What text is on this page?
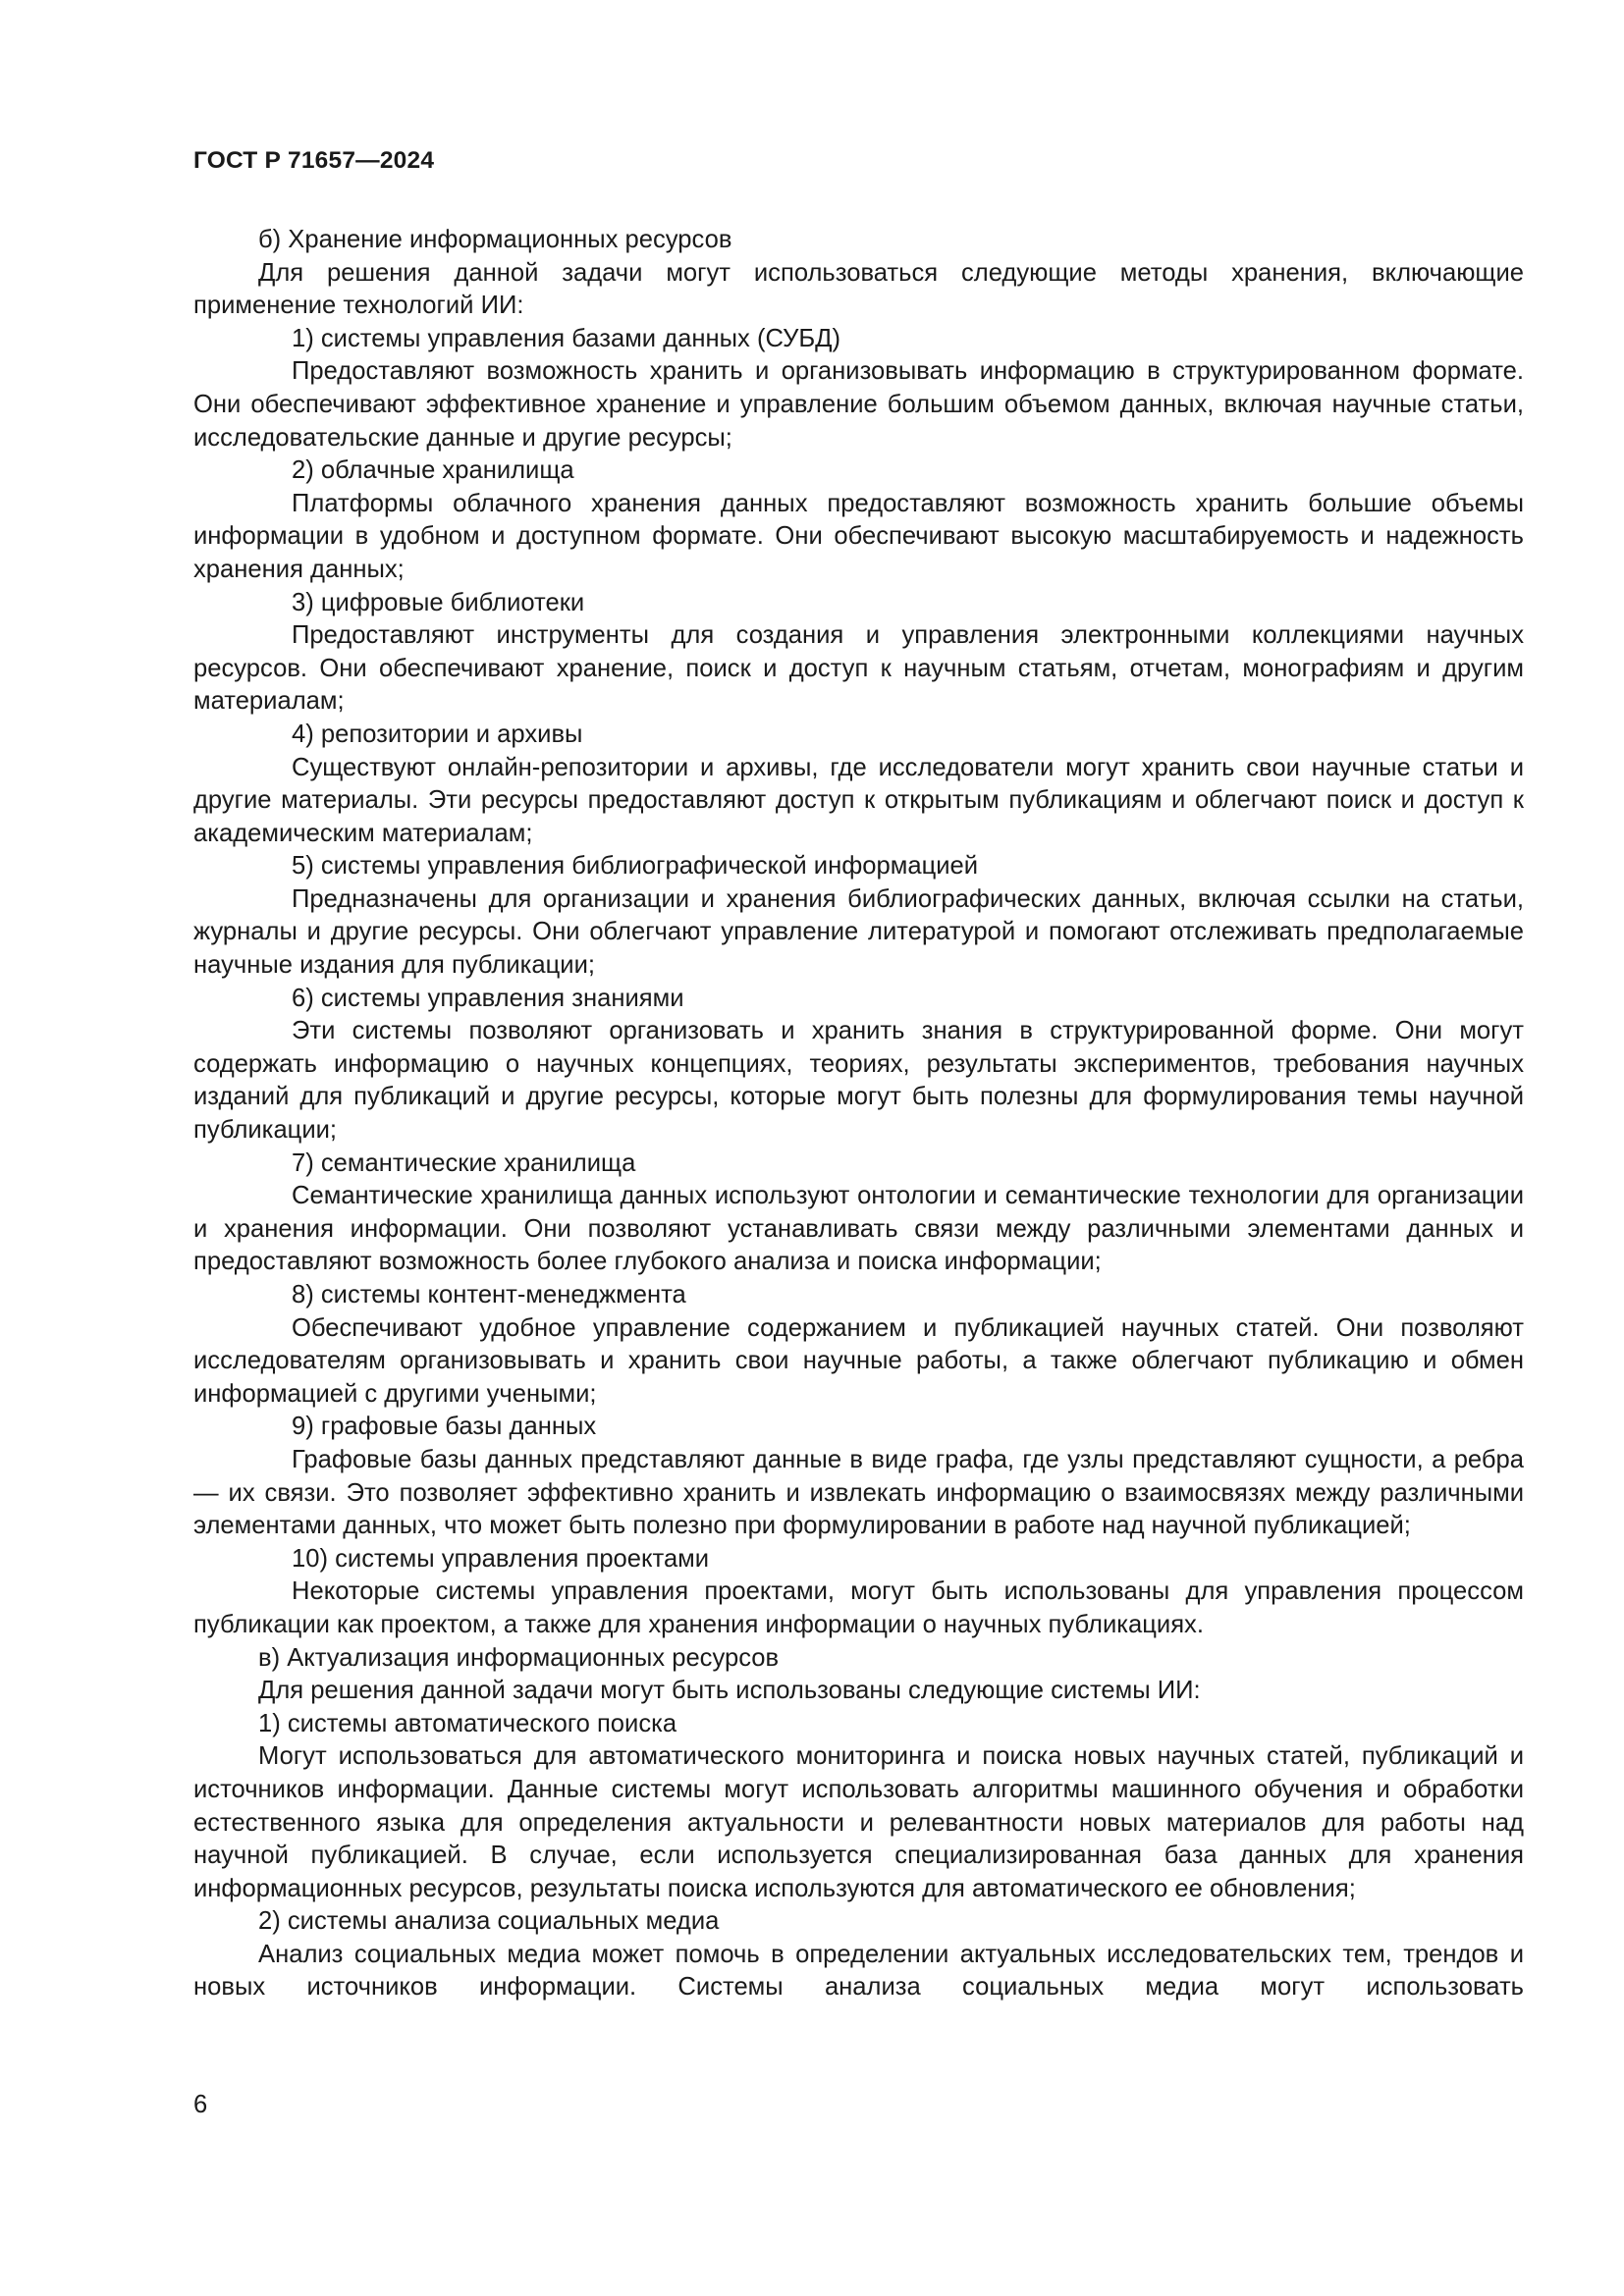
ГОСТ Р 71657—2024

б) Хранение информационных ресурсов

Для решения данной задачи могут использоваться следующие методы хранения, включающие применение технологий ИИ:

1) системы управления базами данных (СУБД)

Предоставляют возможность хранить и организовывать информацию в структурированном формате. Они обеспечивают эффективное хранение и управление большим объемом данных, включая научные статьи, исследовательские данные и другие ресурсы;

2) облачные хранилища

Платформы облачного хранения данных предоставляют возможность хранить большие объемы информации в удобном и доступном формате. Они обеспечивают высокую масштабируемость и надежность хранения данных;

3) цифровые библиотеки

Предоставляют инструменты для создания и управления электронными коллекциями научных ресурсов. Они обеспечивают хранение, поиск и доступ к научным статьям, отчетам, монографиям и другим материалам;

4) репозитории и архивы

Существуют онлайн-репозитории и архивы, где исследователи могут хранить свои научные статьи и другие материалы. Эти ресурсы предоставляют доступ к открытым публикациям и облегчают поиск и доступ к академическим материалам;

5) системы управления библиографической информацией

Предназначены для организации и хранения библиографических данных, включая ссылки на статьи, журналы и другие ресурсы. Они облегчают управление литературой и помогают отслеживать предполагаемые научные издания для публикации;

6) системы управления знаниями

Эти системы позволяют организовать и хранить знания в структурированной форме. Они могут содержать информацию о научных концепциях, теориях, результаты экспериментов, требования научных изданий для публикаций и другие ресурсы, которые могут быть полезны для формулирования темы научной публикации;

7) семантические хранилища

Семантические хранилища данных используют онтологии и семантические технологии для организации и хранения информации. Они позволяют устанавливать связи между различными элементами данных и предоставляют возможность более глубокого анализа и поиска информации;

8) системы контент-менеджмента

Обеспечивают удобное управление содержанием и публикацией научных статей. Они позволяют исследователям организовывать и хранить свои научные работы, а также облегчают публикацию и обмен информацией с другими учеными;

9) графовые базы данных

Графовые базы данных представляют данные в виде графа, где узлы представляют сущности, а ребра — их связи. Это позволяет эффективно хранить и извлекать информацию о взаимосвязях между различными элементами данных, что может быть полезно при формулировании в работе над научной публикацией;

10) системы управления проектами

Некоторые системы управления проектами, могут быть использованы для управления процессом публикации как проектом, а также для хранения информации о научных публикациях.

в) Актуализация информационных ресурсов

Для решения данной задачи могут быть использованы следующие системы ИИ:

1) системы автоматического поиска

Могут использоваться для автоматического мониторинга и поиска новых научных статей, публикаций и источников информации. Данные системы могут использовать алгоритмы машинного обучения и обработки естественного языка для определения актуальности и релевантности новых материалов для работы над научной публикацией. В случае, если используется специализированная база данных для хранения информационных ресурсов, результаты поиска используются для автоматического ее обновления;

2) системы анализа социальных медиа

Анализ социальных медиа может помочь в определении актуальных исследовательских тем, трендов и новых источников информации. Системы анализа социальных медиа могут использовать

6
